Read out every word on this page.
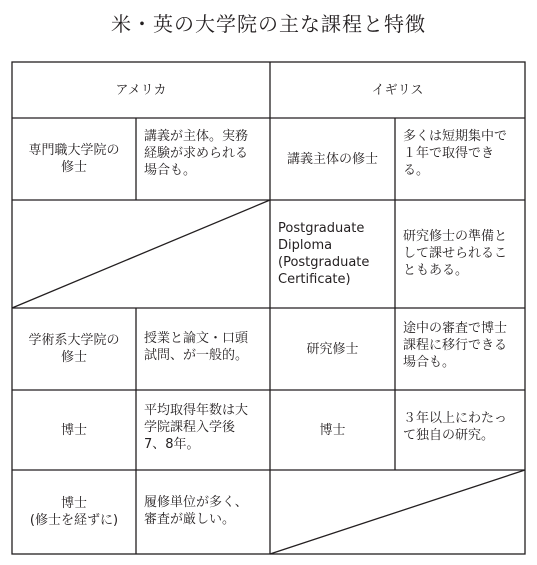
米・英の大学院の主な課程と特徴
アメリカ	イギリス
専門職大学院の
修士
講義が主体。実務
経験が求められる
場合も。
講義主体の修士
多くは短期集中で
１年で取得でき
る。
Postgraduate
Diploma
(Postgraduate
Certificate)
研究修士の準備と
して課せられるこ
ともある。
学術系大学院の
修士
授業と論文・口頭
試問、が一般的。	研究修士
途中の審査で博士
課程に移行できる
場合も。
博士
平均取得年数は大
学院課程入学後
7、8年。
博士
３年以上にわたっ
て独自の研究。
博士
(修士を経ずに)
履修単位が多く、
審査が厳しい。
